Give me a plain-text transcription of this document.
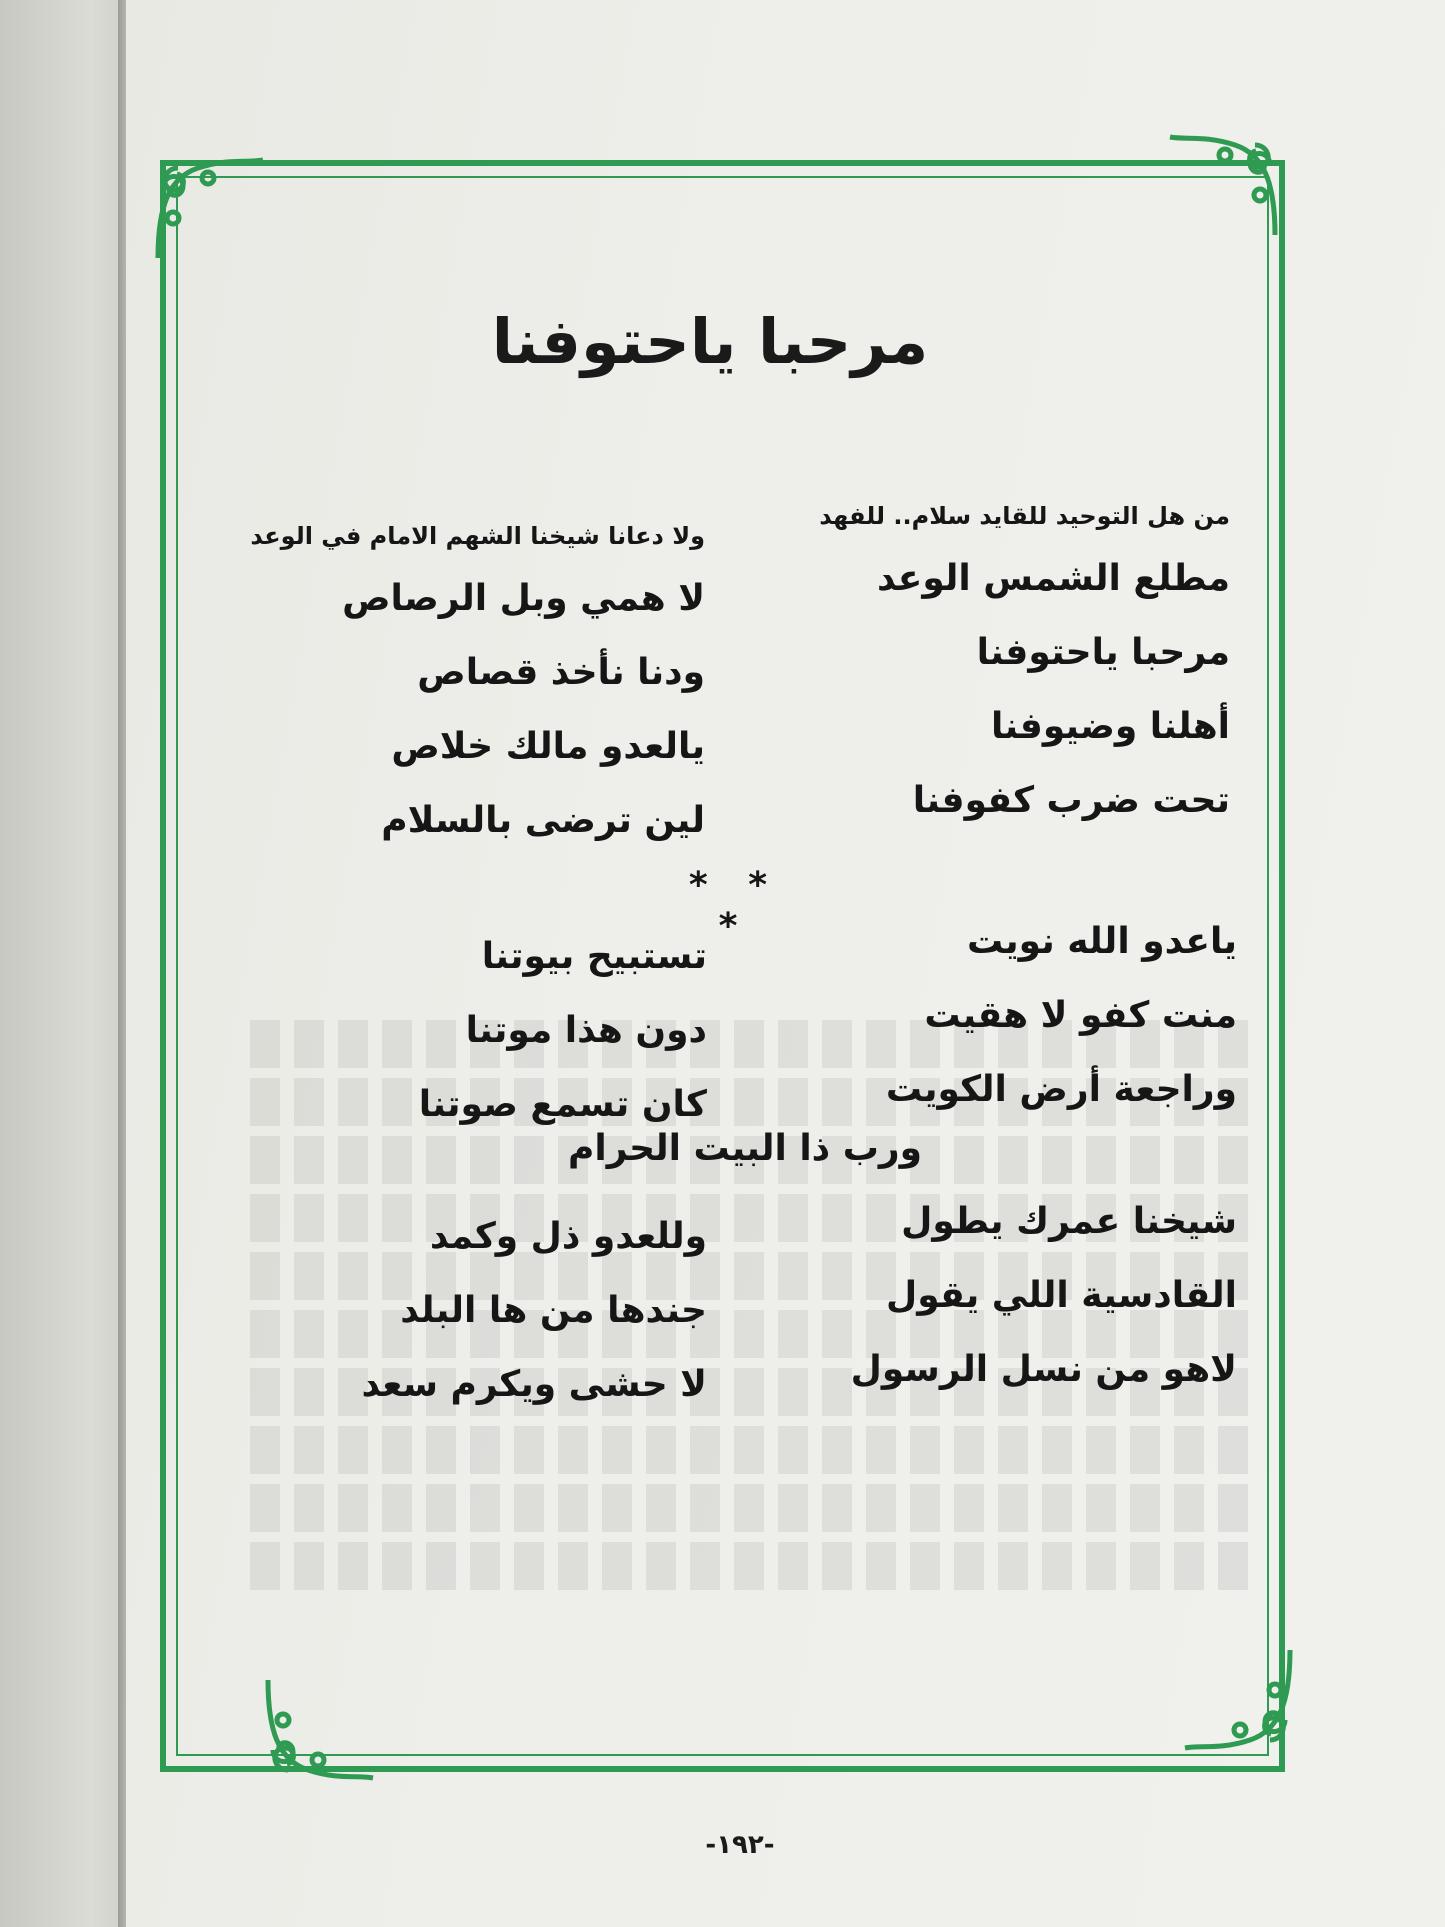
مرحبا ياحتوفنا
من هل التوحيد للقايد سلام.. للفهد
مطلع الشمس الوعد
مرحبا ياحتوفنا
أهلنا وضيوفنا
تحت ضرب كفوفنا
ولا دعانا شيخنا الشهم الامام في الوعد
لا همي وبل الرصاص
ودنا نأخذ قصاص
يالعدو مالك خلاص
لين ترضى بالسلام
* * *	ياعدو الله نويت
منت كفو لا هقيت
وراجعة أرض الكويت
تستبيح بيوتنا
دون هذا موتنا
كان تسمع صوتنا
ورب ذا البيت الحرام
شيخنا عمرك يطول
القادسية اللي يقول
لاهو من نسل الرسول
وللعدو ذل وكمد
جندها من ها البلد
لا حشى ويكرم سعد
-١٩٢-
